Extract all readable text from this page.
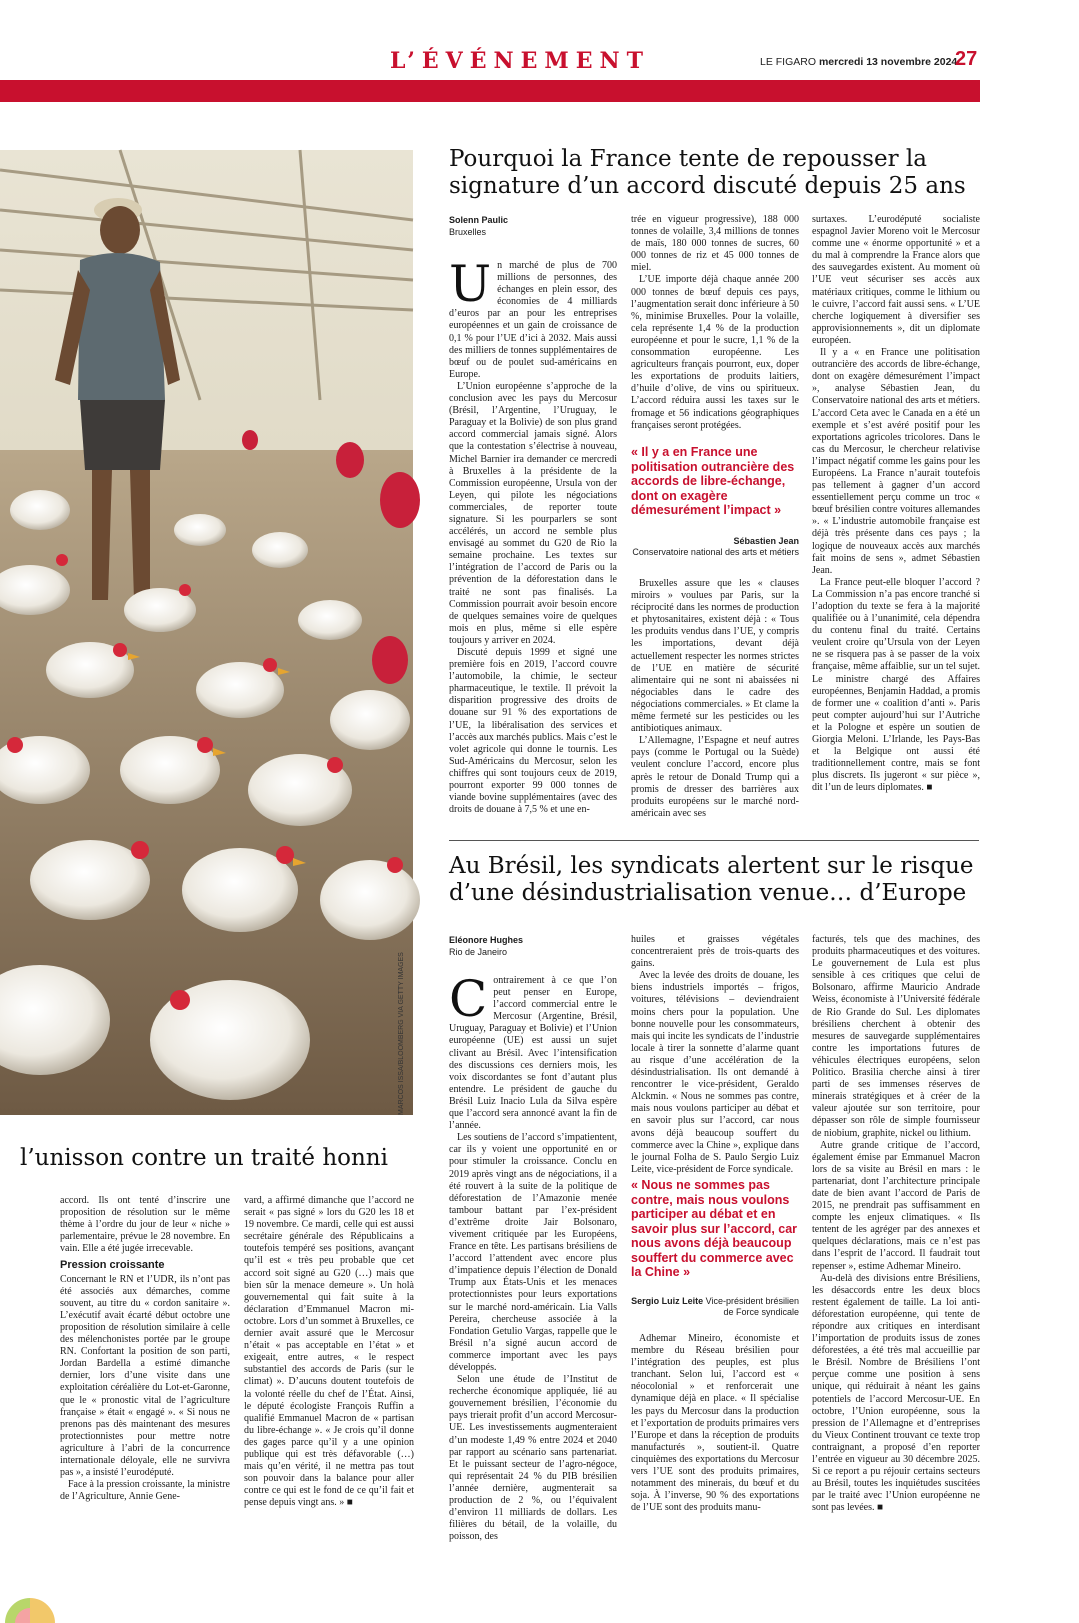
L’ÉVÉNEMENT	LE FIGARO mercredi 13 novembre 2024
27
MARCOS ISSA/BLOOMBERG VIA GETTY IMAGES
Pourquoi la France tente de repousser la signature d’un accord discuté depuis 25 ans
Solenn Paulic
Bruxelles
U n marché de plus de 700 millions de personnes, des échanges en plein essor, des économies de 4 milliards d’euros par an pour les entreprises européennes et un gain de croissance de 0,1 % pour l’UE d’ici à 2032. Mais aussi des milliers de tonnes supplémentaires de bœuf ou de poulet sud-américains en Europe.

L’Union européenne s’approche de la conclusion avec les pays du Mercosur (Brésil, l’Argentine, l’Uruguay, le Paraguay et la Bolivie) de son plus grand accord commercial jamais signé. Alors que la contestation s’électrise à nouveau, Michel Barnier ira demander ce mercredi à Bruxelles à la présidente de la Commission européenne, Ursula von der Leyen, qui pilote les négociations commerciales, de reporter toute signature. Si les pourparlers se sont accélérés, un accord ne semble plus envisagé au sommet du G20 de Rio la semaine prochaine. Les textes sur l’intégration de l’accord de Paris ou la prévention de la déforestation dans le traité ne sont pas finalisés. La Commission pourrait avoir besoin encore de quelques semaines voire de quelques mois en plus, même si elle espère toujours y arriver en 2024.

Discuté depuis 1999 et signé une première fois en 2019, l’accord couvre l’automobile, la chimie, le secteur pharmaceutique, le textile. Il prévoit la disparition progressive des droits de douane sur 91 % des exportations de l’UE, la libéralisation des services et l’accès aux marchés publics. Mais c’est le volet agricole qui donne le tournis. Les Sud-Américains du Mercosur, selon les chiffres qui sont toujours ceux de 2019, pourront exporter 99 000 tonnes de viande bovine supplémentaires (avec des droits de douane à 7,5 % et une en-

trée en vigueur progressive), 188 000 tonnes de volaille, 3,4 millions de tonnes de maïs, 180 000 tonnes de sucres, 60 000 tonnes de riz et 45 000 tonnes de miel.

L’UE importe déjà chaque année 200 000 tonnes de bœuf depuis ces pays, l’augmentation serait donc inférieure à 50 %, minimise Bruxelles. Pour la volaille, cela représente 1,4 % de la production européenne et pour le sucre, 1,1 % de la consommation européenne. Les agriculteurs français pourront, eux, doper les exportations de produits laitiers, d’huile d’olive, de vins ou spiritueux. L’accord réduira aussi les taxes sur le fromage et 56 indications géographiques françaises seront protégées.

« Il y a en France une politisation outrancière des accords de libre-échange, dont on exagère démesurément l’impact »
Sébastien Jean
Conservatoire national des arts et métiers

Bruxelles assure que les « clauses miroirs » voulues par Paris, sur la réciprocité dans les normes de production et phytosanitaires, existent déjà : « Tous les produits vendus dans l’UE, y compris les importations, devant déjà actuellement respecter les normes strictes de l’UE en matière de sécurité alimentaire qui ne sont ni abaissées ni négociables dans le cadre des négociations commerciales. » Et clame la même fermeté sur les pesticides ou les antibiotiques animaux.

L’Allemagne, l’Espagne et neuf autres pays (comme le Portugal ou la Suède) veulent conclure l’accord, encore plus après le retour de Donald Trump qui a promis de dresser des barrières aux produits européens sur le marché nord-américain avec ses

surtaxes. L’eurodéputé socialiste espagnol Javier Moreno voit le Mercosur comme une « énorme opportunité » et a du mal à comprendre la France alors que des sauvegardes existent. Au moment où l’UE veut sécuriser ses accès aux matériaux critiques, comme le lithium ou le cuivre, l’accord fait aussi sens. « L’UE cherche logiquement à diversifier ses approvisionnements », dit un diplomate européen.

Il y a « en France une politisation outrancière des accords de libre-échange, dont on exagère démesurément l’impact », analyse Sébastien Jean, du Conservatoire national des arts et métiers. L’accord Ceta avec le Canada en a été un exemple et s’est avéré positif pour les exportations agricoles tricolores. Dans le cas du Mercosur, le chercheur relativise l’impact négatif comme les gains pour les Européens. La France n’aurait toutefois pas tellement à gagner d’un accord essentiellement perçu comme un troc « bœuf brésilien contre voitures allemandes ». « L’industrie automobile française est déjà très présente dans ces pays ; la logique de nouveaux accès aux marchés fait moins de sens », admet Sébastien Jean.

La France peut-elle bloquer l’accord ? La Commission n’a pas encore tranché si l’adoption du texte se fera à la majorité qualifiée ou à l’unanimité, cela dépendra du contenu final du traité. Certains veulent croire qu’Ursula von der Leyen ne se risquera pas à se passer de la voix française, même affaiblie, sur un tel sujet. Le ministre chargé des Affaires européennes, Benjamin Haddad, a promis de former une « coalition d’anti ». Paris peut compter aujourd’hui sur l’Autriche et la Pologne et espère un soutien de Giorgia Meloni. L’Irlande, les Pays-Bas et la Belgique ont aussi été traditionnellement contre, mais se font plus discrets. Ils jugeront « sur pièce », dit l’un de leurs diplomates. ■

Au Brésil, les syndicats alertent sur le risque d’une désindustrialisation venue… d’Europe
Eléonore Hughes
Rio de Janeiro
C ontrairement à ce que l’on peut penser en Europe, l’accord commercial entre le Mercosur (Argentine, Brésil, Uruguay, Paraguay et Bolivie) et l’Union européenne (UE) est aussi un sujet clivant au Brésil. Avec l’intensification des discussions ces derniers mois, les voix discordantes se font d’autant plus entendre. Le président de gauche du Brésil Luiz Inacio Lula da Silva espère que l’accord sera annoncé avant la fin de l’année.

Les soutiens de l’accord s’impatientent, car ils y voient une opportunité en or pour stimuler la croissance. Conclu en 2019 après vingt ans de négociations, il a été rouvert à la suite de la politique de déforestation de l’Amazonie menée tambour battant par l’ex-président d’extrême droite Jair Bolsonaro, vivement critiquée par les Européens, France en tête. Les partisans brésiliens de l’accord l’attendent avec encore plus d’impatience depuis l’élection de Donald Trump aux États-Unis et les menaces protectionnistes pour leurs exportations sur le marché nord-américain. Lia Valls Pereira, chercheuse associée à la Fondation Getulio Vargas, rappelle que le Brésil n’a signé aucun accord de commerce important avec les pays développés.

Selon une étude de l’Institut de recherche économique appliquée, lié au gouvernement brésilien, l’économie du pays trierait profit d’un accord Mercosur-UE. Les investissements augmenteraient d’un modeste 1,49 % entre 2024 et 2040 par rapport au scénario sans partenariat. Et le puissant secteur de l’agro-négoce, qui représentait 24 % du PIB brésilien l’année dernière, augmenterait sa production de 2 %, ou l’équivalent d’environ 11 milliards de dollars. Les filières du bétail, de la volaille, du poisson, des

huiles et graisses végétales concentreraient près de trois-quarts des gains.

Avec la levée des droits de douane, les biens industriels importés – frigos, voitures, télévisions – deviendraient moins chers pour la population. Une bonne nouvelle pour les consommateurs, mais qui incite les syndicats de l’industrie locale à tirer la sonnette d’alarme quant au risque d’une accélération de la désindustrialisation. Ils ont demandé à rencontrer le vice-président, Geraldo Alckmin. « Nous ne sommes pas contre, mais nous voulons participer au débat et en savoir plus sur l’accord, car nous avons déjà beaucoup souffert du commerce avec la Chine », explique dans le journal Folha de S. Paulo Sergio Luiz Leite, vice-président de Force syndicale.

« Nous ne sommes pas contre, mais nous voulons participer au débat et en savoir plus sur l’accord, car nous avons déjà beaucoup souffert du commerce avec la Chine »
Sergio Luiz Leite Vice-président brésilien de Force syndicale

Adhemar Mineiro, économiste et membre du Réseau brésilien pour l’intégration des peuples, est plus tranchant. Selon lui, l’accord est « néocolonial » et renforcerait une dynamique déjà en place. « Il spécialise les pays du Mercosur dans la production et l’exportation de produits primaires vers l’Europe et dans la réception de produits manufacturés », soutient-il. Quatre cinquièmes des exportations du Mercosur vers l’UE sont des produits primaires, notamment des minerais, du bœuf et du soja. À l’inverse, 90 % des exportations de l’UE sont des produits manu-

facturés, tels que des machines, des produits pharmaceutiques et des voitures. Le gouvernement de Lula est plus sensible à ces critiques que celui de Bolsonaro, affirme Mauricio Andrade Weiss, économiste à l’Université fédérale de Rio Grande do Sul. Les diplomates brésiliens cherchent à obtenir des mesures de sauvegarde supplémentaires contre les importations futures de véhicules électriques européens, selon Politico. Brasilia cherche ainsi à tirer parti de ses immenses réserves de minerais stratégiques et à créer de la valeur ajoutée sur son territoire, pour dépasser son rôle de simple fournisseur de niobium, graphite, nickel ou lithium.

Autre grande critique de l’accord, également émise par Emmanuel Macron lors de sa visite au Brésil en mars : le partenariat, dont l’architecture principale date de bien avant l’accord de Paris de 2015, ne prendrait pas suffisamment en compte les enjeux climatiques. « Ils tentent de les agréger par des annexes et quelques déclarations, mais ce n’est pas dans l’esprit de l’accord. Il faudrait tout repenser », estime Adhemar Mineiro.

Au-delà des divisions entre Brésiliens, les désaccords entre les deux blocs restent également de taille. La loi anti-déforestation européenne, qui tente de répondre aux critiques en interdisant l’importation de produits issus de zones déforestées, a été très mal accueillie par le Brésil. Nombre de Brésiliens l’ont perçue comme une position à sens unique, qui réduirait à néant les gains potentiels de l’accord Mercosur-UE. En octobre, l’Union européenne, sous la pression de l’Allemagne et d’entreprises du Vieux Continent trouvant ce texte trop contraignant, a proposé d’en reporter l’entrée en vigueur au 30 décembre 2025. Si ce report a pu réjouir certains secteurs au Brésil, toutes les inquiétudes suscitées par le traité avec l’Union européenne ne sont pas levées. ■

l’unisson contre un traité honni

accord. Ils ont tenté d’inscrire une proposition de résolution sur le même thème à l’ordre du jour de leur « niche » parlementaire, prévue le 28 novembre. En vain. Elle a été jugée irrecevable.

Pression croissante

Concernant le RN et l’UDR, ils n’ont pas été associés aux démarches, comme souvent, au titre du « cordon sanitaire ». L’exécutif avait écarté début octobre une proposition de résolution similaire à celle des mélenchonistes portée par le groupe RN. Confortant la position de son parti, Jordan Bardella a estimé dimanche dernier, lors d’une visite dans une exploitation céréalière du Lot-et-Garonne, que le « pronostic vital de l’agriculture française » était « engagé ». « Si nous ne prenons pas dès maintenant des mesures protectionnistes pour mettre notre agriculture à l’abri de la concurrence internationale déloyale, elle ne survivra pas », a insisté l’eurodéputé.

Face à la pression croissante, la ministre de l’Agriculture, Annie Gene-

vard, a affirmé dimanche que l’accord ne serait « pas signé » lors du G20 les 18 et 19 novembre. Ce mardi, celle qui est aussi secrétaire générale des Républicains a toutefois tempéré ses positions, avançant qu’il est « très peu probable que cet accord soit signé au G20 (…) mais que bien sûr la menace demeure ». Un holà gouvernemental qui fait suite à la déclaration d’Emmanuel Macron mi-octobre. Lors d’un sommet à Bruxelles, ce dernier avait assuré que le Mercosur n’était « pas acceptable en l’état » et exigeait, entre autres, « le respect substantiel des accords de Paris (sur le climat) ». D’aucuns doutent toutefois de la volonté réelle du chef de l’État. Ainsi, le député écologiste François Ruffin a qualifié Emmanuel Macron de « partisan du libre-échange ». « Je crois qu’il donne des gages parce qu’il y a une opinion publique qui est très défavorable (…) mais qu’en vérité, il ne mettra pas tout son pouvoir dans la balance pour aller contre ce qui est le fond de ce qu’il fait et pense depuis vingt ans. » ■
